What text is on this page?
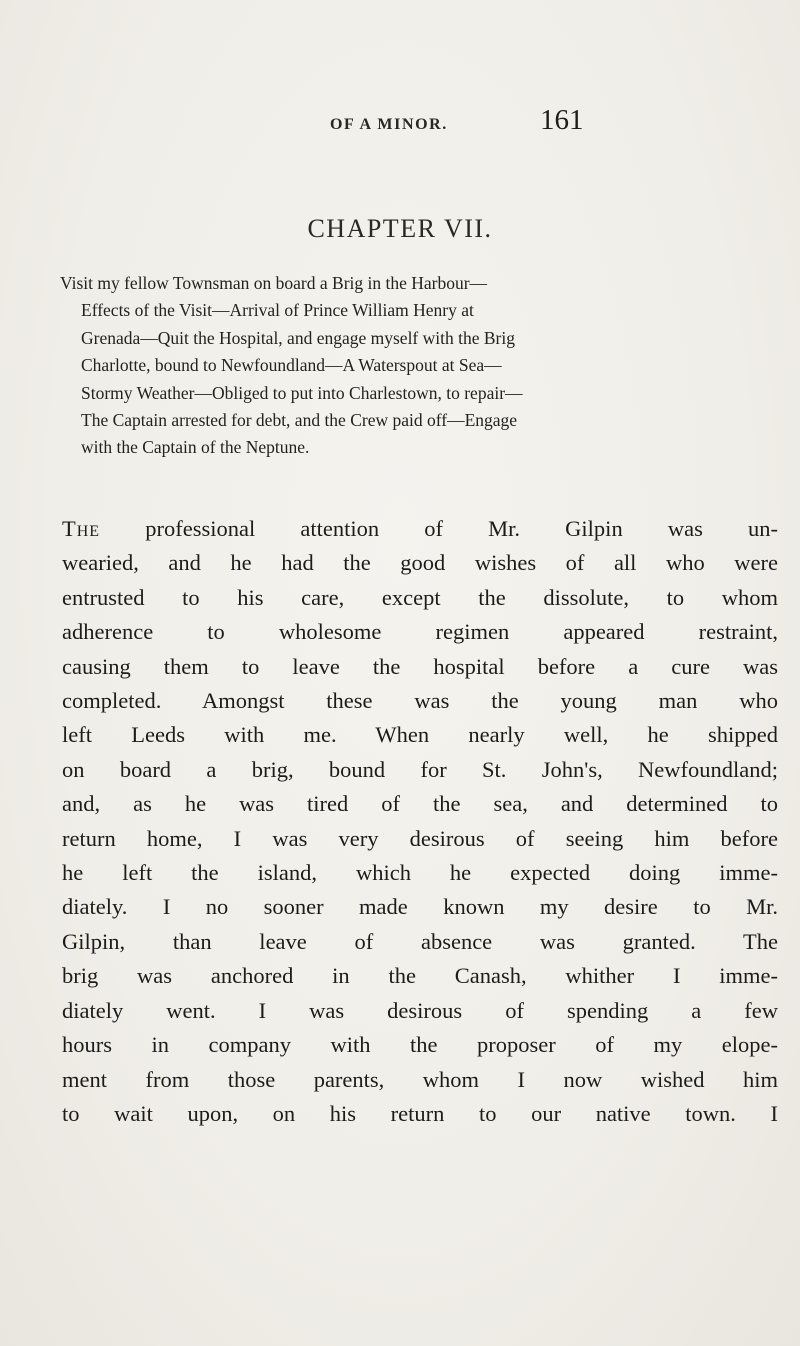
OF A MINOR.	161
CHAPTER VII.
Visit my fellow Townsman on board a Brig in the Harbour—
Effects of the Visit—Arrival of Prince William Henry at
Grenada—Quit the Hospital, and engage myself with the Brig
Charlotte, bound to Newfoundland—A Waterspout at Sea—
Stormy Weather—Obliged to put into Charlestown, to repair—
The Captain arrested for debt, and the Crew paid off—Engage
with the Captain of the Neptune.
The professional attention of Mr. Gilpin was un-
wearied, and he had the good wishes of all who were
entrusted to his care, except the dissolute, to whom
adherence to wholesome regimen appeared restraint,
causing them to leave the hospital before a cure was
completed. Amongst these was the young man who
left Leeds with me. When nearly well, he shipped
on board a brig, bound for St. John's, Newfoundland;
and, as he was tired of the sea, and determined to
return home, I was very desirous of seeing him before
he left the island, which he expected doing imme-
diately. I no sooner made known my desire to Mr.
Gilpin, than leave of absence was granted. The
brig was anchored in the Canash, whither I imme-
diately went. I was desirous of spending a few
hours in company with the proposer of my elope-
ment from those parents, whom I now wished him
to wait upon, on his return to our native town. I
